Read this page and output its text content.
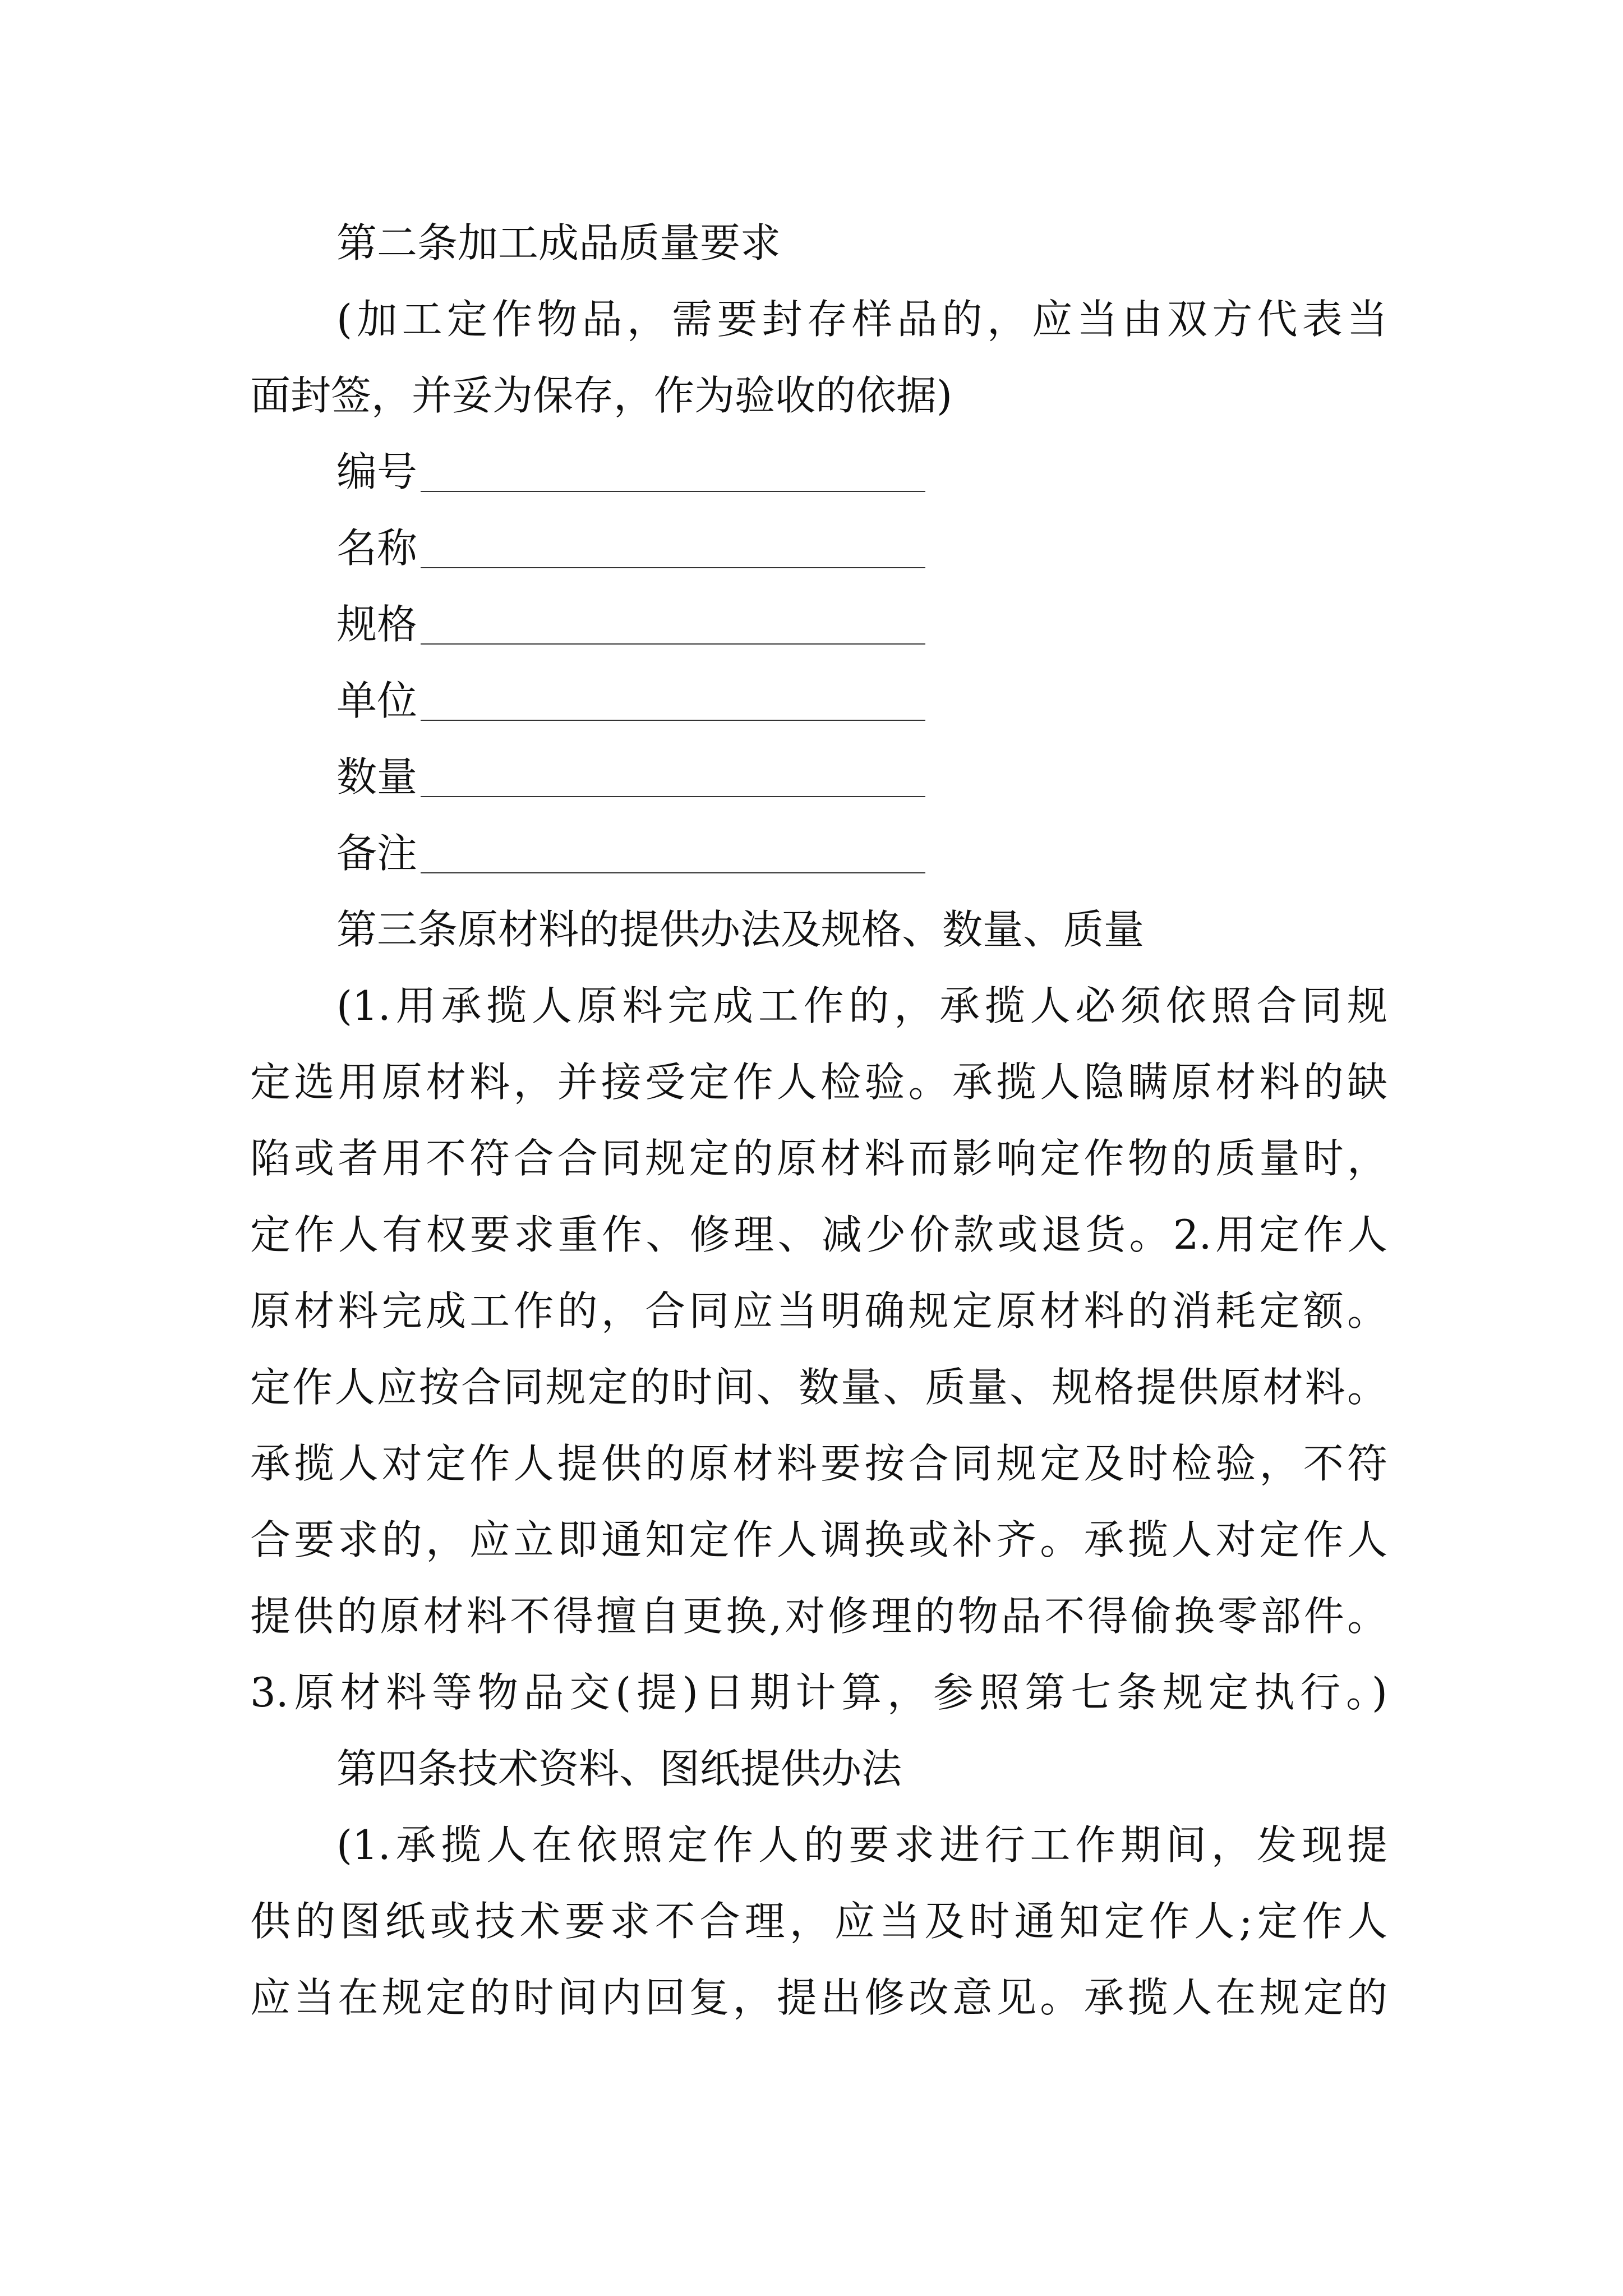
第二条加工成品质量要求
(加工定作物品，需要封存样品的，应当由双方代表当
面封签，并妥为保存，作为验收的依据)
编号
名称
规格
单位
数量
备注
第三条原材料的提供办法及规格、数量、质量
(1.用承揽人原料完成工作的，承揽人必须依照合同规
定选用原材料，并接受定作人检验。承揽人隐瞒原材料的缺
陷或者用不符合合同规定的原材料而影响定作物的质量时，
定作人有权要求重作、修理、减少价款或退货。2.用定作人
原材料完成工作的，合同应当明确规定原材料的消耗定额。
定作人应按合同规定的时间、数量、质量、规格提供原材料。
承揽人对定作人提供的原材料要按合同规定及时检验，不符
合要求的，应立即通知定作人调换或补齐。承揽人对定作人
提供的原材料不得擅自更换,对修理的物品不得偷换零部件。
3.原材料等物品交(提)日期计算，参照第七条规定执行。)
第四条技术资料、图纸提供办法
(1.承揽人在依照定作人的要求进行工作期间，发现提
供的图纸或技术要求不合理，应当及时通知定作人;定作人
应当在规定的时间内回复，提出修改意见。承揽人在规定的
